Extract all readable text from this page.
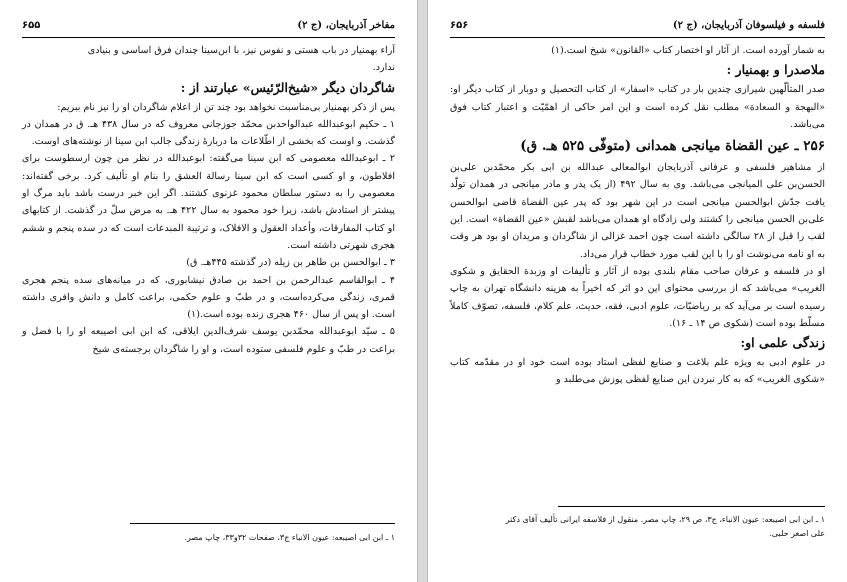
مفاخر آذربایجان، (ج ۲)
۶۵۵

آراء بهمنیار در باب هستی و نفوس نیز، با ابن‌سینا چندان فرق اساسی و بنیادی

ندارد.

شاگردان دیگر «شیخ‌الرّئیس» عبارتند از :

پس از ذکر بهمنیار بی‌مناسبت نخواهد بود چند تن از اعلام شاگردان او را نیز نام ببریم:

۱ ـ حکیم ابوعبدالله عبدالواحدبن محمّد جوزجانی معروف که در سال ۴۳۸ هـ. ق در همدان در گذشت. و اوست که بخشی از اطّلاعات ما دربارهٔ زندگی جالب ابن سینا از نوشته‌های اوست.

۲ ـ ابوعبدالله معصومی که ابن سینا می‌گفته: ابوعبدالله در نظر من چون ارسطوست برای افلاطون، و او کسی است که ابن سینا رسالة العشق را بنام او تألیف کرد. برخی گفته‌اند: معصومی را به دستور سلطان محمود غزنوی کشتند. اگر این خبر درست باشد باید مرگ او پیشتر از استادش باشد، زیرا خود محمود به سال ۴۲۲ هـ. به مرض سلّ در گذشت. از کتابهای او کتاب المفارقات، وأعداد العقول و الافلاک، و ترتیبة المبدعات است که در سده پنجم و ششم هجری شهرتی داشته است.

۳ ـ ابوالحسن بن طاهر بن زیله (در گذشته ۴۴۵هـ. ق)

۴ ـ ابوالقاسم عبدالرحمن بن احمد بن صادق نیشابوری، که در میانه‌های سده پنجم هجری قمری، زندگی می‌کرده‌است، و در طبّ و علوم حکمی، براعت کامل و دانش وافری داشته است. او پس از سال ۴۶۰ هجری زنده بوده است.(۱)

۵ ـ سیّد ابوعبدالله محمّدبن یوسف شرف‌الدین ایلاقی، که ابن ابی اصیبعه او را با فضل و براعت در طبّ و علوم فلسفی ستوده است، و او را شاگردان برجسته‌ی شیخ

۱ ـ ابن ابی اصیبعه: عیون الانباء ج۳، صفحات ۳۲و۳۳، چاپ مصر.

فلسفه و فیلسوفان آذربایجان، (ج ۲)
۶۵۶

به شمار آورده است. از آثار او اختصار کتاب «القانون» شیخ است.(۱)

ملاصدرا و بهمنیار :

صدر المتألّهین شیرازی چندین بار در کتاب «اسفار» از کتاب التحصیل و دوبار از کتاب دیگر او: «البهجة و السعادة» مطلب نقل کرده است و این امر حاکی از اهمّیّت و اعتبار کتاب فوق می‌باشد.

۲۵۶ ـ عین القضاة میانجی همدانی (متوفّی ۵۲۵ هـ. ق)

از مشاهیر فلسفی و عرفانی آذربایجان ابوالمعالی عبدالله بن ابی بکر محمّدبن علی‌بن الحسن‌بن علی المیانجی می‌باشد. وی به سال ۴۹۲ (از یک پدر و مادر میانجی در همدان تولّد یافت جدّش ابوالحسن میانجی است در این شهر بود که پدر عین القضاة قاضی ابوالحسن علی‌بن الحسن میانجی را کشتند ولی زادگاه او همدان می‌باشد لقبش «عین القضاة» است. این لقب را قبل از ۲۸ سالگی داشته است چون احمد غزالی از شاگردان و مریدان او بود هر وقت به او نامه می‌نوشت او را با این لقب مورد خطاب قرار می‌داد.

او در فلسفه و عرفان صاحب مقام بلندی بوده از آثار و تألیفات او وزبدة الحقایق و شکوی الغریب» می‌باشد که از بررسی محتوای این دو اثر که اخیراً به هزینه دانشگاه تهران به چاپ رسیده است بر می‌آید که بر ریاضیّات، علوم ادبی، فقه، حدیث، علم کلام، فلسفه، تصوّف کاملاً مسلّط بوده است (شکوی ص ۱۴ ـ ۱۶).

زندگی علمی او:

در علوم ادبی به ویژه علم بلاغت و صنایع لفظی استاد بوده است خود او در مقدّمه کتاب «شکوی الغریب» که به کار نبردن این صنایع لفظی پوزش می‌طلبد و

۱ ـ ابن ابی اصیبعه: عیون الانباء، ج۳، ص ۲۹، چاپ مصر. منقول از فلاسفه ایرانی تألیف آقای دکتر

علی اصغر حلبی.
